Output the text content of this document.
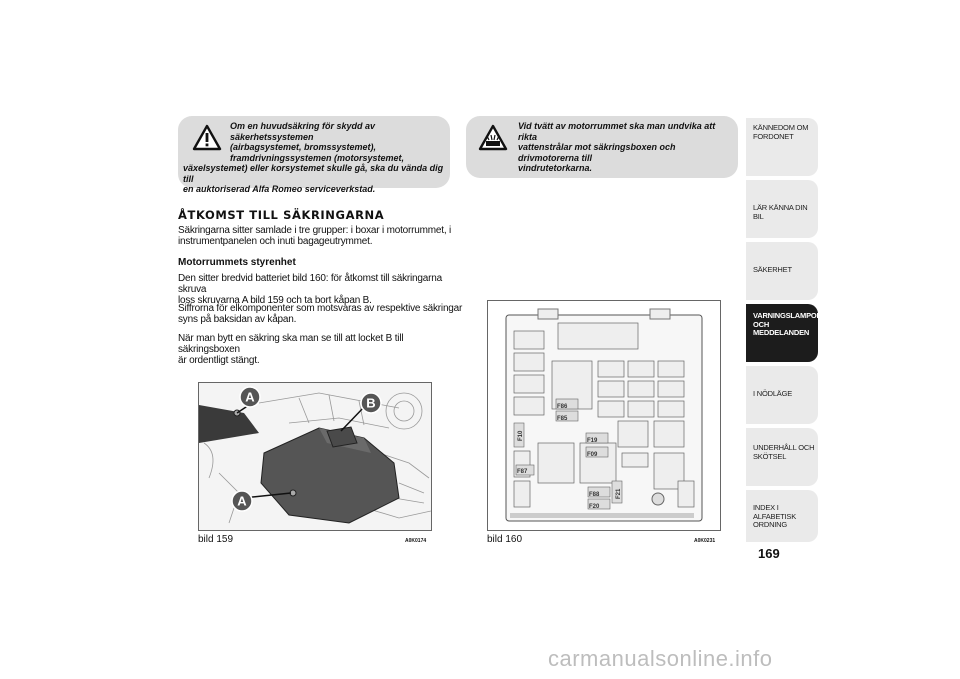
Om en huvudsäkring för skydd av säkerhetssystemen
(airbagsystemet, bromssystemet),
framdrivningssystemen (motorsystemet,
växelsystemet) eller korsystemet skulle gå, ska du vända dig till
en auktoriserad Alfa Romeo serviceverkstad.
Vid tvätt av motorrummet ska man undvika att rikta
vattenstrålar mot säkringsboxen och drivmotorerna till
vindrutetorkarna.
ÅTKOMST TILL SÄKRINGARNA
Säkringarna sitter samlade i tre grupper: i boxar i motorrummet, i
instrumentpanelen och inuti bagageutrymmet.
Motorrummets styrenhet
Den sitter bredvid batteriet bild 160: för åtkomst till säkringarna skruva
loss skruvarna A bild 159 och ta bort kåpan B.
Siffrorna för elkomponenter som motsvaras av respektive säkringar
syns på baksidan av kåpan.
När man bytt en säkring ska man se till att locket B till säkringsboxen
är ordentligt stängt.
A
A
B
bild 159	A0K0174
F86
F85
F19
F09
F10
F87
F88
F20
F21
bild 160	A0K0231
KÄNNEDOM OM
FORDONET
LÄR KÄNNA DIN BIL
SÄKERHET
VARNINGSLAMPOR
OCH
MEDDELANDEN
I NÖDLÄGE
UNDERHÅLL OCH
SKÖTSEL
INDEX I ALFABETISK
ORDNING
169
carmanualsonline.info
